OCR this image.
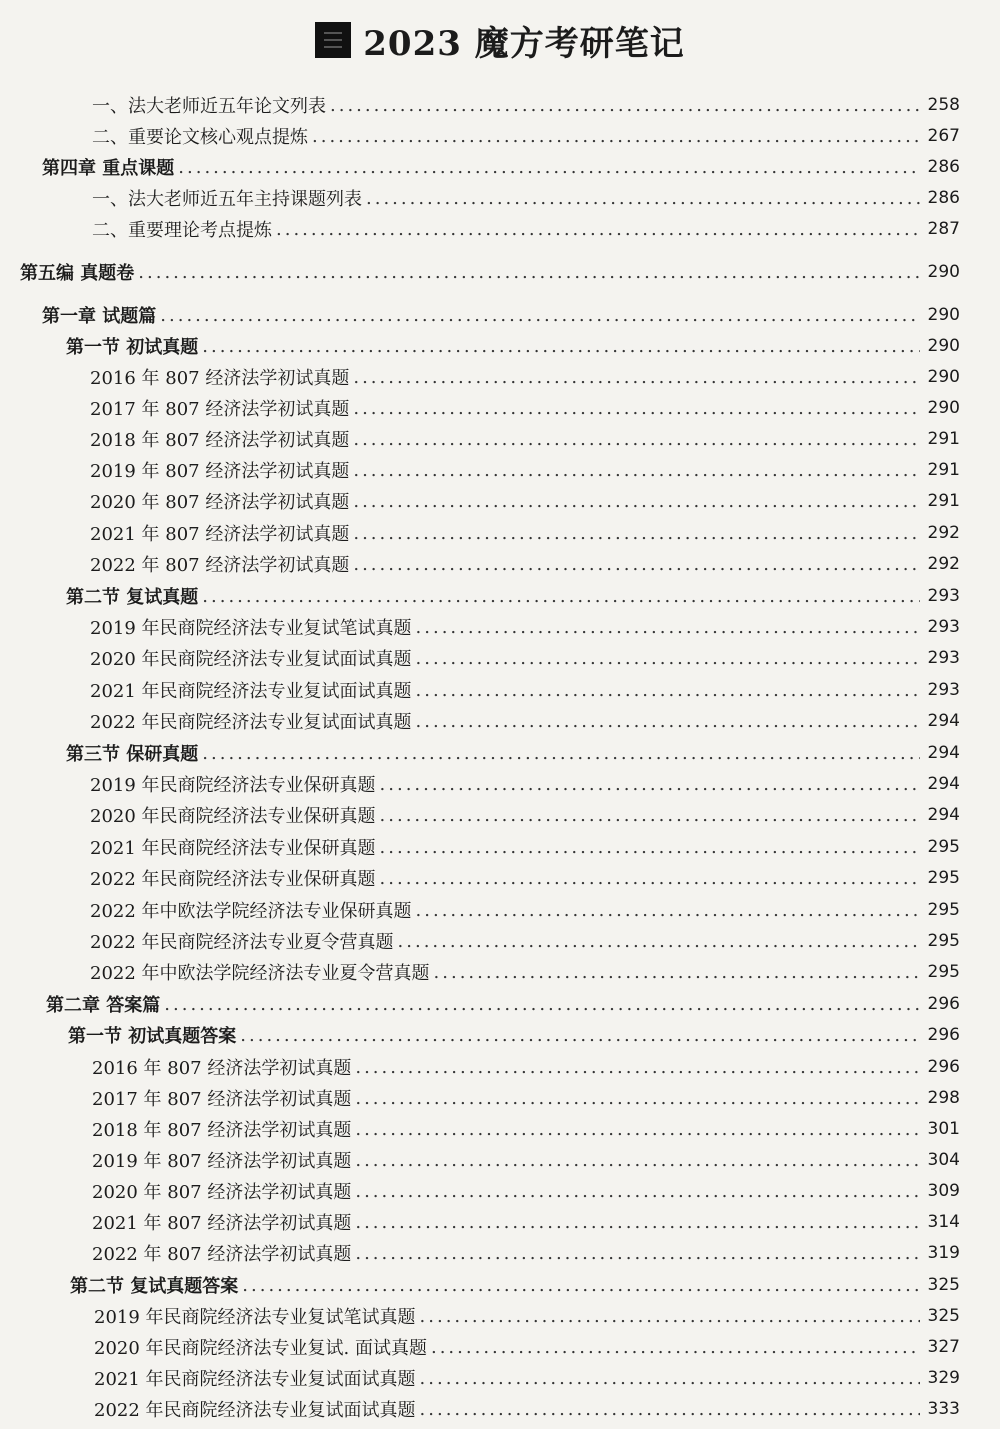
2023 魔方考研笔记
一、法大老师近五年论文列表 .....	258
二、重要论文核心观点提炼 .....	267
第四章 重点课题 .....	286
一、法大老师近五年主持课题列表 .....	286
二、重要理论考点提炼 .....	287
第五编 真题卷 .....	290
第一章 试题篇 .....	290
第一节 初试真题 .....	290
2016 年 807 经济法学初试真题 .....	290
2017 年 807 经济法学初试真题 .....	290
2018 年 807 经济法学初试真题 .....	291
2019 年 807 经济法学初试真题 .....	291
2020 年 807 经济法学初试真题 .....	291
2021 年 807 经济法学初试真题 .....	292
2022 年 807 经济法学初试真题 .....	292
第二节 复试真题 .....	293
2019 年民商院经济法专业复试笔试真题 .....	293
2020 年民商院经济法专业复试面试真题 .....	293
2021 年民商院经济法专业复试面试真题 .....	293
2022 年民商院经济法专业复试面试真题 .....	294
第三节 保研真题 .....	294
2019 年民商院经济法专业保研真题 .....	294
2020 年民商院经济法专业保研真题 .....	294
2021 年民商院经济法专业保研真题 .....	295
2022 年民商院经济法专业保研真题 .....	295
2022 年中欧法学院经济法专业保研真题 .....	295
2022 年民商院经济法专业夏令营真题 .....	295
2022 年中欧法学院经济法专业夏令营真题 .....	295
第二章 答案篇 .....	296
第一节 初试真题答案 .....	296
2016 年 807 经济法学初试真题 .....	296
2017 年 807 经济法学初试真题 .....	298
2018 年 807 经济法学初试真题 .....	301
2019 年 807 经济法学初试真题 .....	304
2020 年 807 经济法学初试真题 .....	309
2021 年 807 经济法学初试真题 .....	314
2022 年 807 经济法学初试真题 .....	319
第二节 复试真题答案 .....	325
2019 年民商院经济法专业复试笔试真题 .....	325
2020 年民商院经济法专业复试. 面试真题 .....	327
2021 年民商院经济法专业复试面试真题 .....	329
2022 年民商院经济法专业复试面试真题 .....	333
